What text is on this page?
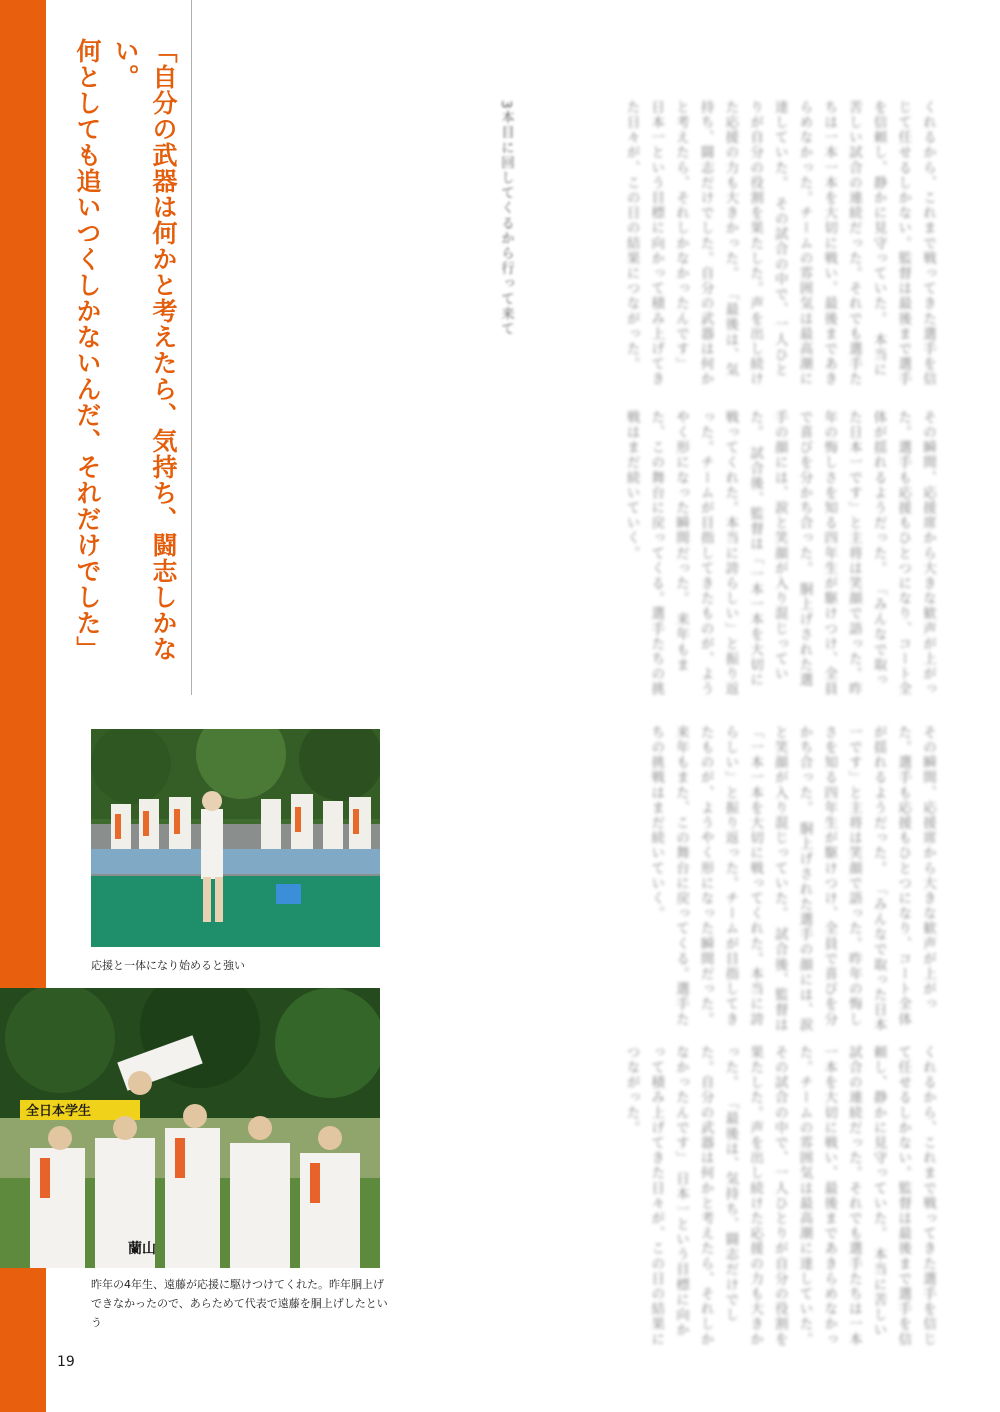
「自分の武器は何かと考えたら、気持ち、闘志しかない。
何としても追いつくしかないんだ、それだけでした」	くれるから、これまで戦ってきた選手を信じて任せるしかない。監督は最後まで選手を信頼し、静かに見守っていた。 本当に苦しい試合の連続だった。それでも選手たちは一本一本を大切に戦い、最後まであきらめなかった。チームの雰囲気は最高潮に達していた。 その試合の中で、一人ひとりが自分の役割を果たした。声を出し続けた応援の力も大きかった。 「最後は、気持ち、闘志だけでした。自分の武器は何かと考えたら、それしかなかったんです」 日本一という目標に向かって積み上げてきた日々が、この日の結果につながった。
3本目に回してくるから行って来て
その瞬間、応援席から大きな歓声が上がった。選手も応援もひとつになり、コート全体が揺れるようだった。 「みんなで取った日本一です」と主将は笑顔で語った。昨年の悔しさを知る四年生が駆けつけ、全員で喜びを分かち合った。 胴上げされた選手の顔には、涙と笑顔が入り混じっていた。 試合後、監督は「一本一本を大切に戦ってくれた。本当に誇らしい」と振り返った。チームが目指してきたものが、ようやく形になった瞬間だった。 来年もまた、この舞台に戻ってくる。選手たちの挑戦はまだ続いていく。
その瞬間、応援席から大きな歓声が上がった。選手も応援もひとつになり、コート全体が揺れるようだった。 「みんなで取った日本一です」と主将は笑顔で語った。昨年の悔しさを知る四年生が駆けつけ、全員で喜びを分かち合った。 胴上げされた選手の顔には、涙と笑顔が入り混じっていた。 試合後、監督は「一本一本を大切に戦ってくれた。本当に誇らしい」と振り返った。チームが目指してきたものが、ようやく形になった瞬間だった。 来年もまた、この舞台に戻ってくる。選手たちの挑戦はまだ続いていく。
くれるから、これまで戦ってきた選手を信じて任せるしかない。監督は最後まで選手を信頼し、静かに見守っていた。 本当に苦しい試合の連続だった。それでも選手たちは一本一本を大切に戦い、最後まであきらめなかった。チームの雰囲気は最高潮に達していた。 その試合の中で、一人ひとりが自分の役割を果たした。声を出し続けた応援の力も大きかった。 「最後は、気持ち、闘志だけでした。自分の武器は何かと考えたら、それしかなかったんです」 日本一という目標に向かって積み上げてきた日々が、この日の結果につながった。
応援と一体になり始めると強い
全日本学生
蘭山
昨年の4年生、遠藤が応援に駆けつけてくれた。昨年胴上げできなかったので、あらためて代表で遠藤を胴上げしたという
19
